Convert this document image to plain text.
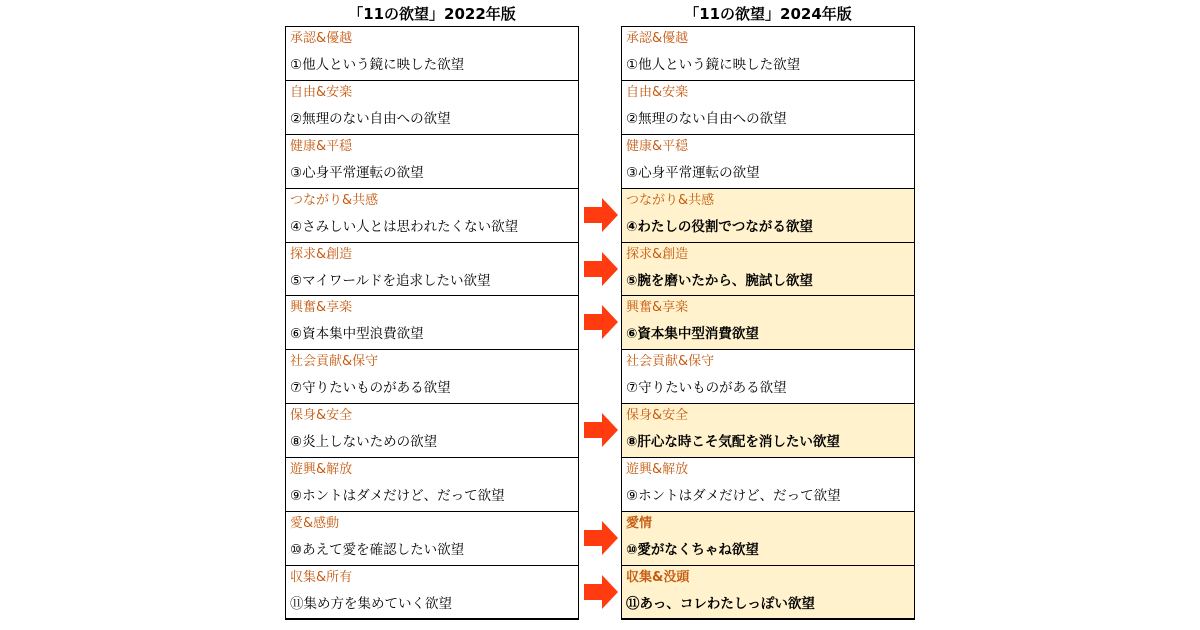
「11の欲望」2022年版	「11の欲望」2024年版
承認&優越
①他人という鏡に映した欲望
自由&安楽
②無理のない自由への欲望
健康&平穏
③心身平常運転の欲望
つながり&共感
④さみしい人とは思われたくない欲望
探求&創造
⑤マイワールドを追求したい欲望
興奮&享楽
⑥資本集中型浪費欲望
社会貢献&保守
⑦守りたいものがある欲望
保身&安全
⑧炎上しないための欲望
遊興&解放
⑨ホントはダメだけど、だって欲望
愛&感動
⑩あえて愛を確認したい欲望
収集&所有
⑪集め方を集めていく欲望
承認&優越
①他人という鏡に映した欲望
自由&安楽
②無理のない自由への欲望
健康&平穏
③心身平常運転の欲望
つながり&共感
④わたしの役割でつながる欲望
探求&創造
⑤腕を磨いたから、腕試し欲望
興奮&享楽
⑥資本集中型消費欲望
社会貢献&保守
⑦守りたいものがある欲望
保身&安全
⑧肝心な時こそ気配を消したい欲望
遊興&解放
⑨ホントはダメだけど、だって欲望
愛情
⑩愛がなくちゃね欲望
収集&没頭
⑪あっ、コレわたしっぽい欲望
